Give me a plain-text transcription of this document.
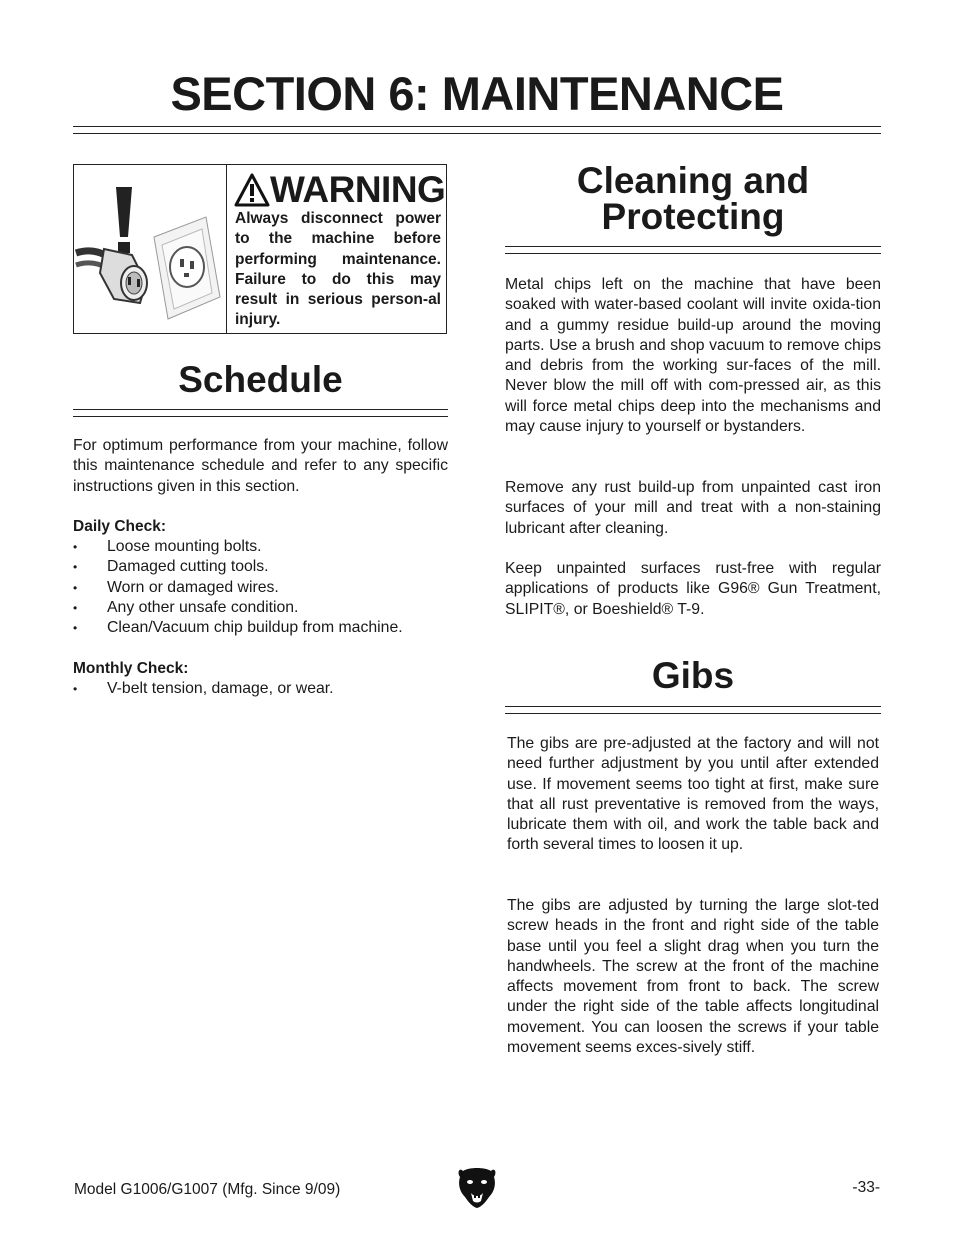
SECTION 6: MAINTENANCE
WARNING

Always disconnect power to the machine before performing maintenance. Failure to do this may result in serious person-al injury.

Schedule

For optimum performance from your machine, follow this maintenance schedule and refer to any specific instructions given in this section.

Daily Check:

• Loose mounting bolts.
• Damaged cutting tools.
• Worn or damaged wires.
• Any other unsafe condition.
• Clean/Vacuum chip buildup from machine.

Monthly Check:

• V-belt tension, damage, or wear.
Cleaning and
Protecting

Metal chips left on the machine that have been soaked with water-based coolant will invite oxida-tion and a gummy residue build-up around the moving parts. Use a brush and shop vacuum to remove chips and debris from the working sur-faces of the mill. Never blow the mill off with com-pressed air, as this will force metal chips deep into the mechanisms and may cause injury to yourself or bystanders.

Remove any rust build-up from unpainted cast iron surfaces of your mill and treat with a non-staining lubricant after cleaning.

Keep unpainted surfaces rust-free with regular applications of products like G96® Gun Treatment, SLIPIT®, or Boeshield® T-9.

Gibs

The gibs are pre-adjusted at the factory and will not need further adjustment by you until after extended use. If movement seems too tight at first, make sure that all rust preventative is removed from the ways, lubricate them with oil, and work the table back and forth several times to loosen it up.

The gibs are adjusted by turning the large slot-ted screw heads in the front and right side of the table base until you feel a slight drag when you turn the handwheels. The screw at the front of the machine affects movement from front to back. The screw under the right side of the table affects longitudinal movement. You can loosen the screws if your table movement seems exces-sively stiff.

Model G1006/G1007 (Mfg. Since 9/09)	-33-
